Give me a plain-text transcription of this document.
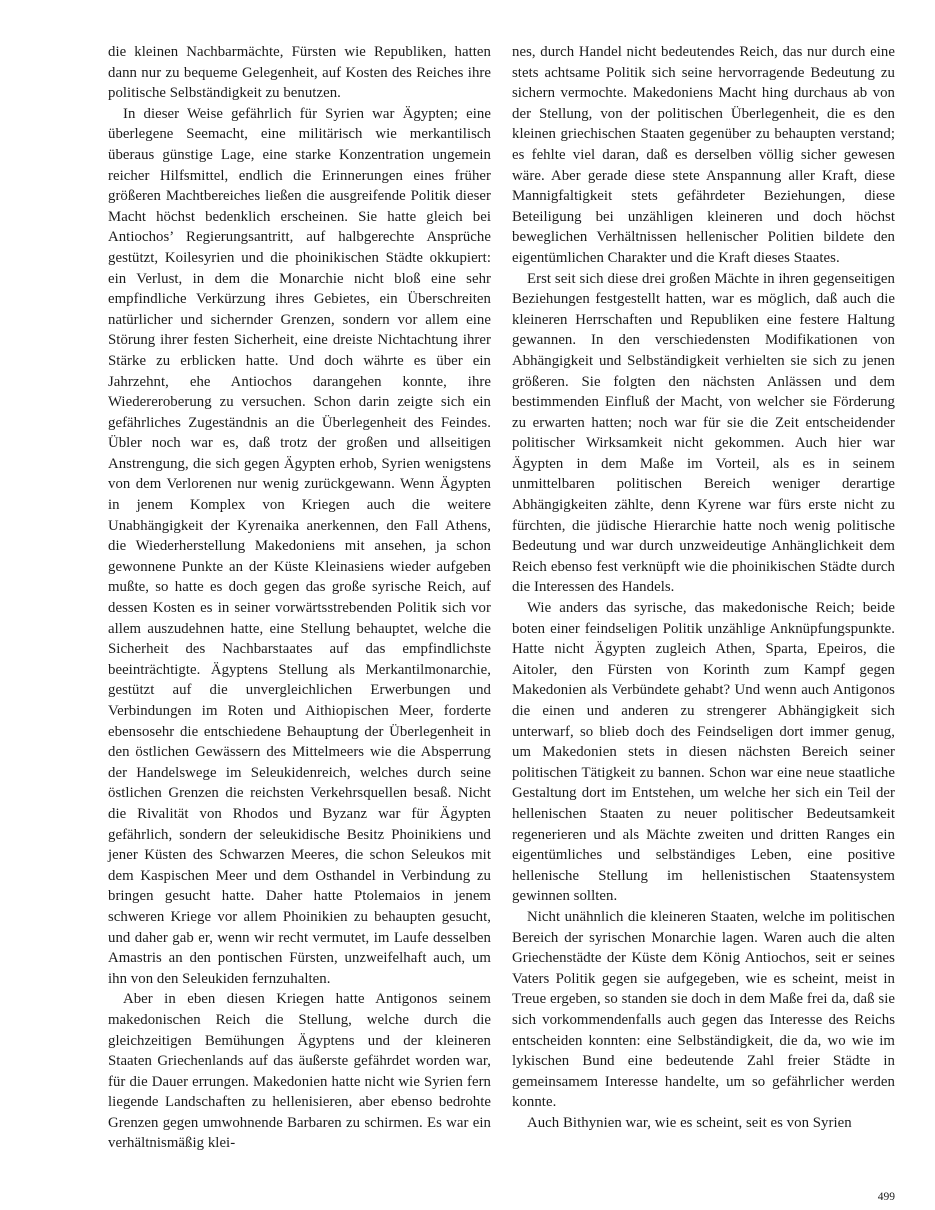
die kleinen Nachbarmächte, Fürsten wie Republiken, hatten dann nur zu bequeme Gelegenheit, auf Kosten des Reiches ihre politische Selbständigkeit zu benutzen.

In dieser Weise gefährlich für Syrien war Ägypten; eine überlegene Seemacht, eine militärisch wie merkantilisch überaus günstige Lage, eine starke Konzentration ungemein reicher Hilfsmittel, endlich die Erinnerungen eines früher größeren Machtbereiches ließen die ausgreifende Politik dieser Macht höchst bedenklich erscheinen. Sie hatte gleich bei Antiochos’ Regierungsantritt, auf halbgerechte Ansprüche gestützt, Koilesyrien und die phoinikischen Städte okkupiert: ein Verlust, in dem die Monarchie nicht bloß eine sehr empfindliche Verkürzung ihres Gebietes, ein Überschreiten natürlicher und sichernder Grenzen, sondern vor allem eine Störung ihrer festen Sicherheit, eine dreiste Nichtachtung ihrer Stärke zu erblicken hatte. Und doch währte es über ein Jahrzehnt, ehe Antiochos darangehen konnte, ihre Wiedereroberung zu versuchen. Schon darin zeigte sich ein gefährliches Zugeständnis an die Überlegenheit des Feindes. Übler noch war es, daß trotz der großen und allseitigen Anstrengung, die sich gegen Ägypten erhob, Syrien wenigstens von dem Verlorenen nur wenig zurückgewann. Wenn Ägypten in jenem Komplex von Kriegen auch die weitere Unabhängigkeit der Kyrenaika anerkennen, den Fall Athens, die Wiederherstellung Makedoniens mit ansehen, ja schon gewonnene Punkte an der Küste Kleinasiens wieder aufgeben mußte, so hatte es doch gegen das große syrische Reich, auf dessen Kosten es in seiner vorwärtsstrebenden Politik sich vor allem auszudehnen hatte, eine Stellung behauptet, welche die Sicherheit des Nachbarstaates auf das empfindlichste beeinträchtigte. Ägyptens Stellung als Merkantilmonarchie, gestützt auf die unvergleichlichen Erwerbungen und Verbindungen im Roten und Aithiopischen Meer, forderte ebensosehr die entschiedene Behauptung der Überlegenheit in den östlichen Gewässern des Mittelmeers wie die Absperrung der Handelswege im Seleukidenreich, welches durch seine östlichen Grenzen die reichsten Verkehrsquellen besaß. Nicht die Rivalität von Rhodos und Byzanz war für Ägypten gefährlich, sondern der seleukidische Besitz Phoinikiens und jener Küsten des Schwarzen Meeres, die schon Seleukos mit dem Kaspischen Meer und dem Osthandel in Verbindung zu bringen gesucht hatte. Daher hatte Ptolemaios in jenem schweren Kriege vor allem Phoinikien zu behaupten gesucht, und daher gab er, wenn wir recht vermutet, im Laufe desselben Amastris an den pontischen Fürsten, unzweifelhaft auch, um ihn von den Seleukiden fernzuhalten.

Aber in eben diesen Kriegen hatte Antigonos seinem makedonischen Reich die Stellung, welche durch die gleichzeitigen Bemühungen Ägyptens und der kleineren Staaten Griechenlands auf das äußerste gefährdet worden war, für die Dauer errungen. Makedonien hatte nicht wie Syrien fern liegende Landschaften zu hellenisieren, aber ebenso bedrohte Grenzen gegen umwohnende Barbaren zu schirmen. Es war ein verhältnismäßig klei-

nes, durch Handel nicht bedeutendes Reich, das nur durch eine stets achtsame Politik sich seine hervorragende Bedeutung zu sichern vermochte. Makedoniens Macht hing durchaus ab von der Stellung, von der politischen Überlegenheit, die es den kleinen griechischen Staaten gegenüber zu behaupten verstand; es fehlte viel daran, daß es derselben völlig sicher gewesen wäre. Aber gerade diese stete Anspannung aller Kraft, diese Mannigfaltigkeit stets gefährdeter Beziehungen, diese Beteiligung bei unzähligen kleineren und doch höchst beweglichen Verhältnissen hellenischer Politien bildete den eigentümlichen Charakter und die Kraft dieses Staates.

Erst seit sich diese drei großen Mächte in ihren gegenseitigen Beziehungen festgestellt hatten, war es möglich, daß auch die kleineren Herrschaften und Republiken eine festere Haltung gewannen. In den verschiedensten Modifikationen von Abhängigkeit und Selbständigkeit verhielten sie sich zu jenen größeren. Sie folgten den nächsten Anlässen und dem bestimmenden Einfluß der Macht, von welcher sie Förderung zu erwarten hatten; noch war für sie die Zeit entscheidender politischer Wirksamkeit nicht gekommen. Auch hier war Ägypten in dem Maße im Vorteil, als es in seinem unmittelbaren politischen Bereich weniger derartige Abhängigkeiten zählte, denn Kyrene war fürs erste nicht zu fürchten, die jüdische Hierarchie hatte noch wenig politische Bedeutung und war durch unzweideutige Anhänglichkeit dem Reich ebenso fest verknüpft wie die phoinikischen Städte durch die Interessen des Handels.

Wie anders das syrische, das makedonische Reich; beide boten einer feindseligen Politik unzählige Anknüpfungspunkte. Hatte nicht Ägypten zugleich Athen, Sparta, Epeiros, die Aitoler, den Fürsten von Korinth zum Kampf gegen Makedonien als Verbündete gehabt? Und wenn auch Antigonos die einen und anderen zu strengerer Abhängigkeit sich unterwarf, so blieb doch des Feindseligen dort immer genug, um Makedonien stets in diesen nächsten Bereich seiner politischen Tätigkeit zu bannen. Schon war eine neue staatliche Gestaltung dort im Entstehen, um welche her sich ein Teil der hellenischen Staaten zu neuer politischer Bedeutsamkeit regenerieren und als Mächte zweiten und dritten Ranges ein eigentümliches und selbständiges Leben, eine positive hellenische Stellung im hellenistischen Staatensystem gewinnen sollten.

Nicht unähnlich die kleineren Staaten, welche im politischen Bereich der syrischen Monarchie lagen. Waren auch die alten Griechenstädte der Küste dem König Antiochos, seit er seines Vaters Politik gegen sie aufgegeben, wie es scheint, meist in Treue ergeben, so standen sie doch in dem Maße frei da, daß sie sich vorkommendenfalls auch gegen das Interesse des Reichs entscheiden konnten: eine Selbständigkeit, die da, wo wie im lykischen Bund eine bedeutende Zahl freier Städte in gemeinsamem Interesse handelte, um so gefährlicher werden konnte.

Auch Bithynien war, wie es scheint, seit es von Syrien

499
